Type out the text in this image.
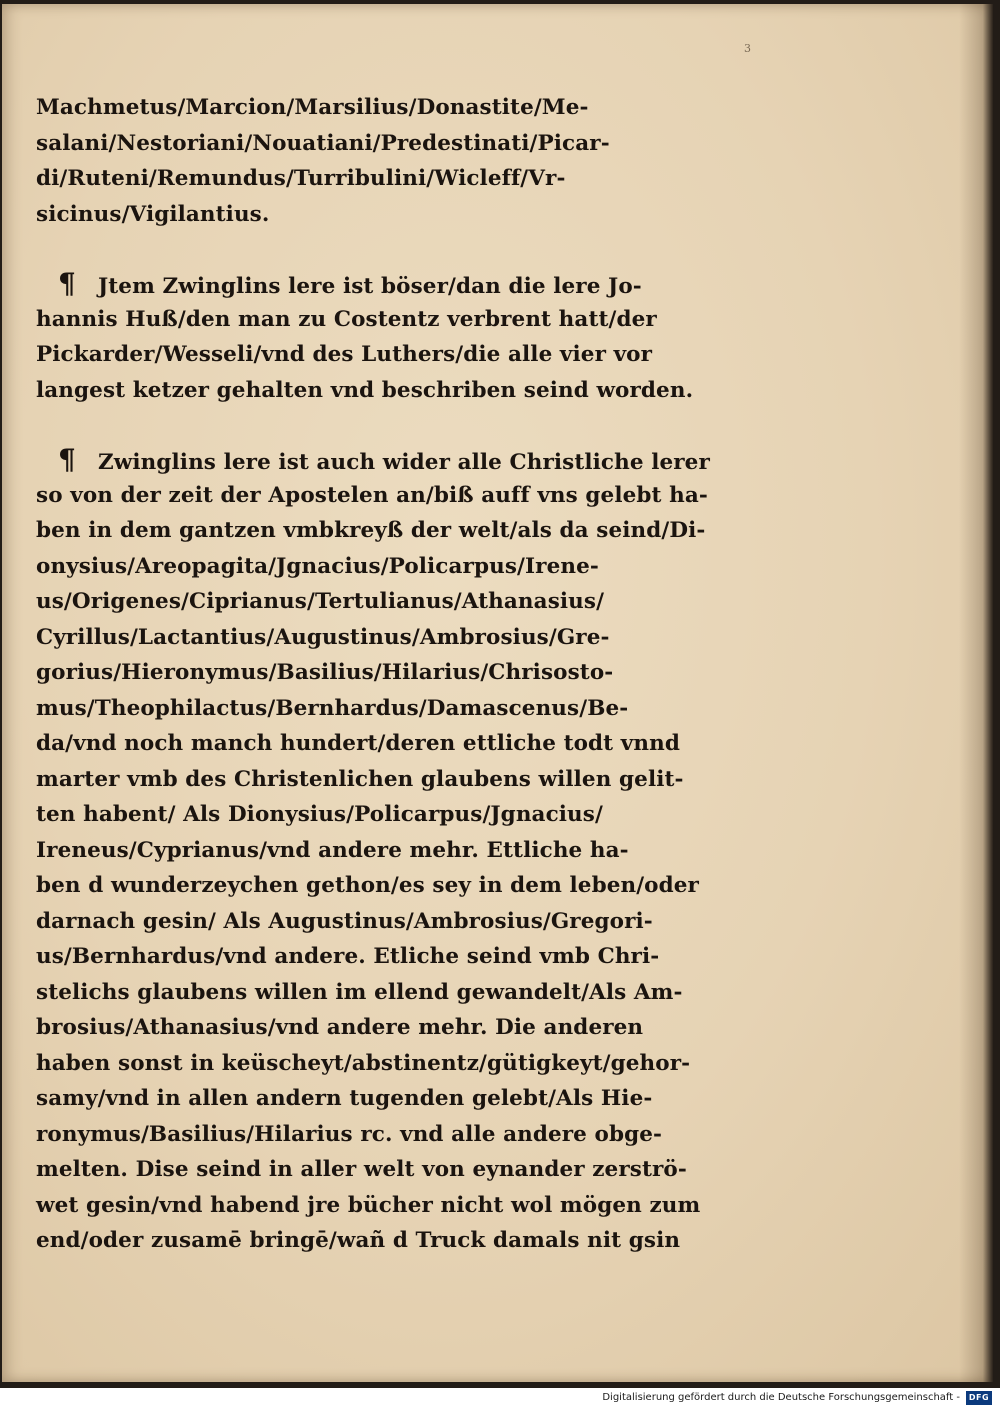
3
Machmetus/Marcion/Marsilius/Donastite/Me-
salani/Nestoriani/Nouatiani/Predestinati/Picar-
di/Ruteni/Remundus/Turribulini/Wicleff/Vr-
sicinus/Vigilantius.
¶ Jtem Zwinglins lere ist böser/dan die lere Jo-
hannis Huß/den man zu Costentz verbrent hatt/der
Pickarder/Wesseli/vnd des Luthers/die alle vier vor
langest ketzer gehalten vnd beschriben seind worden.
¶ Zwinglins lere ist auch wider alle Christliche lerer
so von der zeit der Apostelen an/biß auff vns gelebt ha-
ben in dem gantzen vmbkreyß der welt/als da seind/Di-
onysius/Areopagita/Jgnacius/Policarpus/Irene-
us/Origenes/Ciprianus/Tertulianus/Athanasius/
Cyrillus/Lactantius/Augustinus/Ambrosius/Gre-
gorius/Hieronymus/Basilius/Hilarius/Chrisosto-
mus/Theophilactus/Bernhardus/Damascenus/Be-
da/vnd noch manch hundert/deren ettliche todt vnnd
marter vmb des Christenlichen glaubens willen gelit-
ten habent/ Als Dionysius/Policarpus/Jgnacius/
Ireneus/Cyprianus/vnd andere mehr. Ettliche ha-
ben d wunderzeychen gethon/es sey in dem leben/oder
darnach gesin/ Als Augustinus/Ambrosius/Gregori-
us/Bernhardus/vnd andere. Etliche seind vmb Chri-
stelichs glaubens willen im ellend gewandelt/Als Am-
brosius/Athanasius/vnd andere mehr. Die anderen
haben sonst in keüscheyt/abstinentz/gütigkeyt/gehor-
samy/vnd in allen andern tugenden gelebt/Als Hie-
ronymus/Basilius/Hilarius rc. vnd alle andere obge-
melten. Dise seind in aller welt von eynander zerströ-
wet gesin/vnd habend jre bücher nicht wol mögen zum
end/oder zusamē bringē/wañ d Truck damals nit gsin
Digitalisierung gefördert durch die Deutsche Forschungsgemeinschaft -	DFG
